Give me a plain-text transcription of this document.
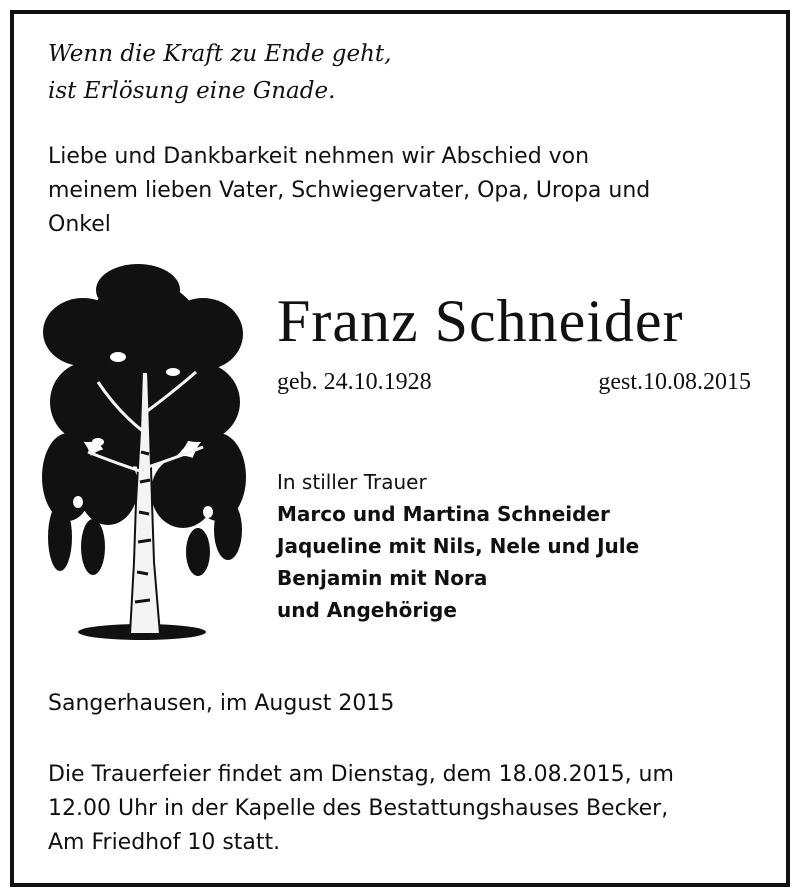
Wenn die Kraft zu Ende geht,
ist Erlösung eine Gnade.
Liebe und Dankbarkeit nehmen wir Abschied von
meinem lieben Vater, Schwiegervater, Opa, Uropa und
Onkel
Franz Schneider
geb. 24.10.1928	gest.10.08.2015
In stiller Trauer
Marco und Martina Schneider
Jaqueline mit Nils, Nele und Jule
Benjamin mit Nora
und Angehörige
Sangerhausen, im August 2015
Die Trauerfeier findet am Dienstag, dem 18.08.2015, um
12.00 Uhr in der Kapelle des Bestattungshauses Becker,
Am Friedhof 10 statt.
